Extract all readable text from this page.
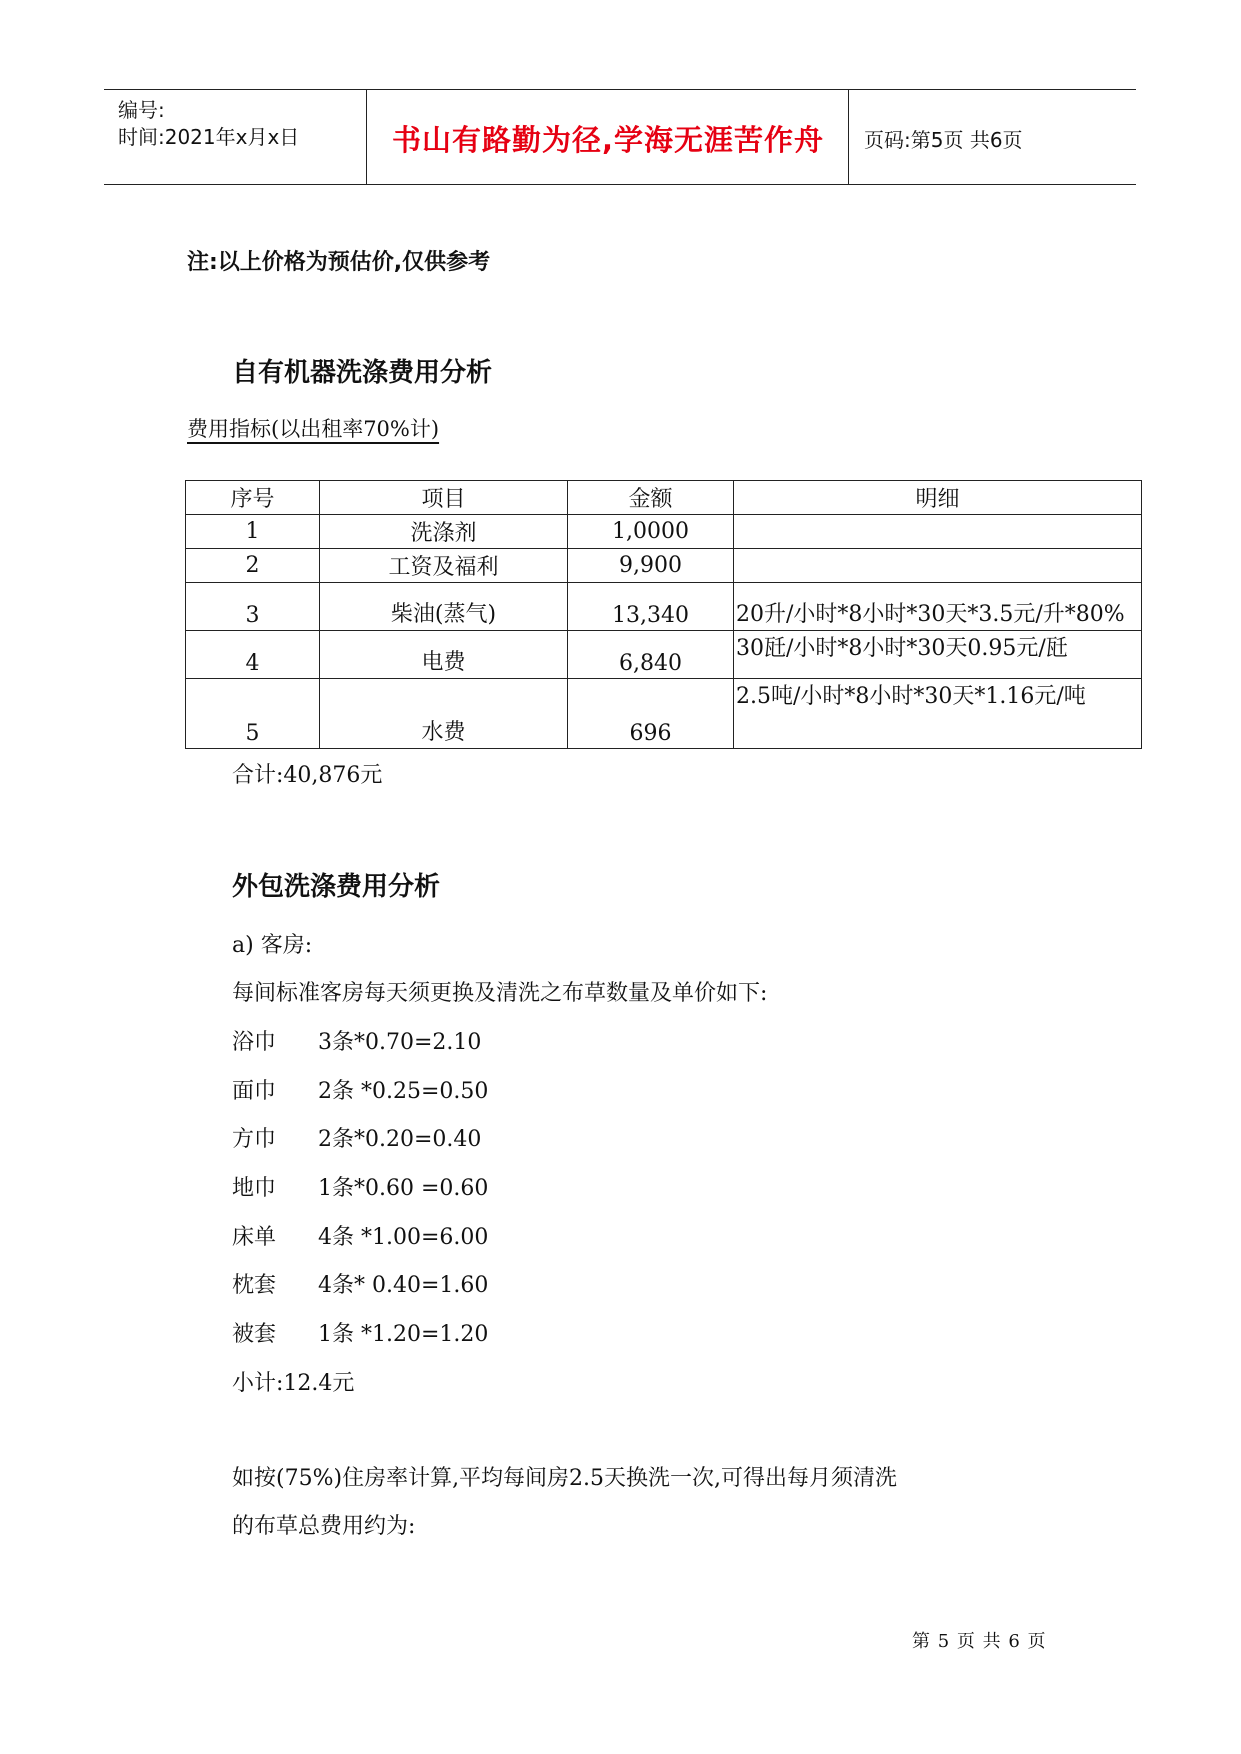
编号:
时间:2021年x月x日	书山有路勤为径,学海无涯苦作舟	页码:第5页 共6页
注:以上价格为预估价,仅供参考
自有机器洗涤费用分析
费用指标(以出租率70%计)
序号	项目	金额	明细
1	洗涤剂	1,0000	
2	工资及福利	9,900	
3	柴油(蒸气)	13,340	20升/小时*8小时*30天*3.5元/升*80%
4	电费	6,840	30瓩/小时*8小时*30天0.95元/瓩
5	水费	696	2.5吨/小时*8小时*30天*1.16元/吨
合计:40,876元
外包洗涤费用分析
a) 客房:
每间标准客房每天须更换及清洗之布草数量及单价如下:
浴巾 3条*0.70=2.10
面巾 2条 *0.25=0.50
方巾 2条*0.20=0.40
地巾 1条*0.60 =0.60
床单 4条 *1.00=6.00
枕套 4条* 0.40=1.60
被套 1条 *1.20=1.20
小计:12.4元
如按(75%)住房率计算,平均每间房2.5天换洗一次,可得出每月须清洗
的布草总费用约为:
第 5 页 共 6 页
